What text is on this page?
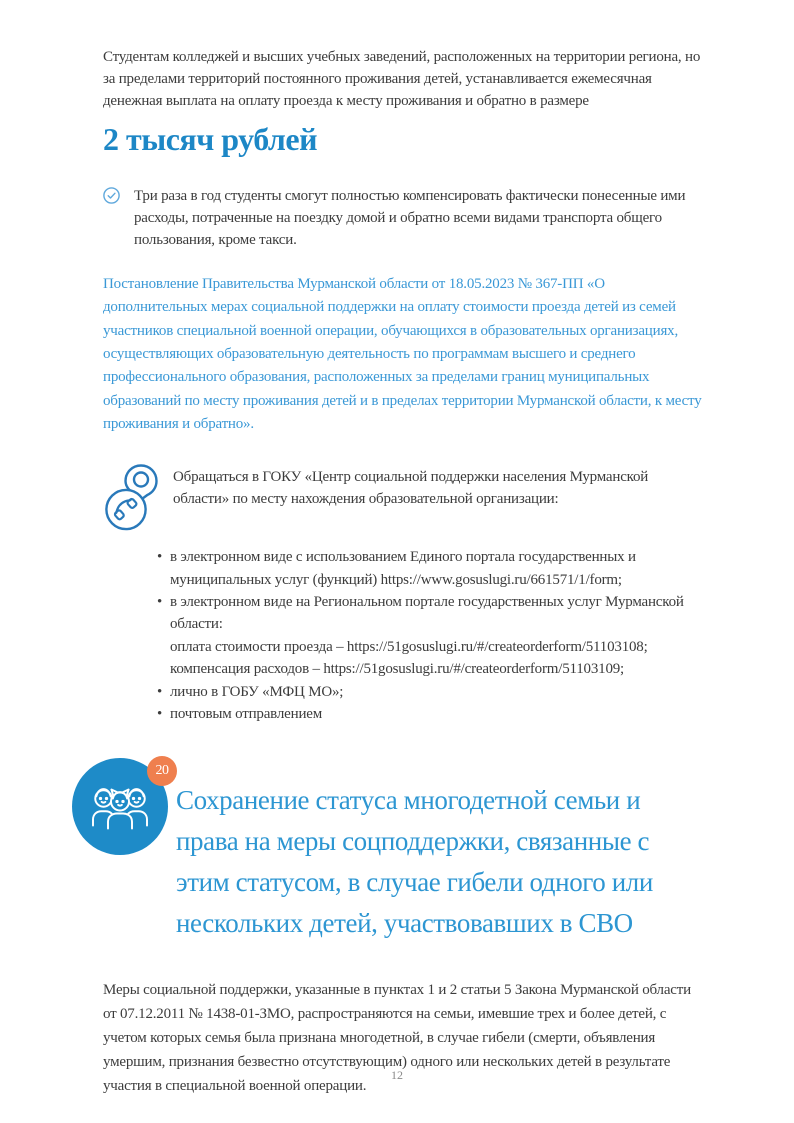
Студентам колледжей и высших учебных заведений, расположенных на территории региона, но за пределами территорий постоянного проживания детей, устанавливается ежемесячная денежная выплата на оплату проезда к месту проживания и обратно в размере

2 тысяч рублей

Три раза в год студенты смогут полностью компенсировать фактически понесенные ими расходы, потраченные на поездку домой и обратно всеми видами транспорта общего пользования, кроме такси.

Постановление Правительства Мурманской области от 18.05.2023 № 367-ПП «О дополнительных мерах социальной поддержки на оплату стоимости проезда детей из семей участников специальной военной операции, обучающихся в образовательных организациях, осуществляющих образовательную деятельность по программам высшего и среднего профессионального образования, расположенных за пределами границ муниципальных образований по месту проживания детей и в пределах территории Мурманской области, к месту проживания и обратно».

Обращаться в ГОКУ «Центр социальной поддержки населения Мурманской области» по месту нахождения образовательной организации:

• в электронном виде с использованием Единого портала государственных и муниципальных услуг (функций) https://www.gosuslugi.ru/661571/1/form;
• в электронном виде на Региональном портале государственных услуг Мурманской области:
оплата стоимости проезда – https://51gosuslugi.ru/#/createorderform/51103108;
компенсация расходов – https://51gosuslugi.ru/#/createorderform/51103109;
• лично в ГОБУ «МФЦ МО»;
• почтовым отправлением
20
Сохранение статуса многодетной семьи и права на меры соцподдержки, связанные с этим статусом, в случае гибели одного или нескольких детей, участвовавших в СВО

Меры социальной поддержки, указанные в пунктах 1 и 2 статьи 5 Закона Мурманской области от 07.12.2011 № 1438-01-ЗМО, распространяются на семьи, имевшие трех и более детей, с учетом которых семья была признана многодетной, в случае гибели (смерти, объявления умершим, признания безвестно отсутствующим) одного или нескольких детей в результате участия в специальной военной операции.

12
